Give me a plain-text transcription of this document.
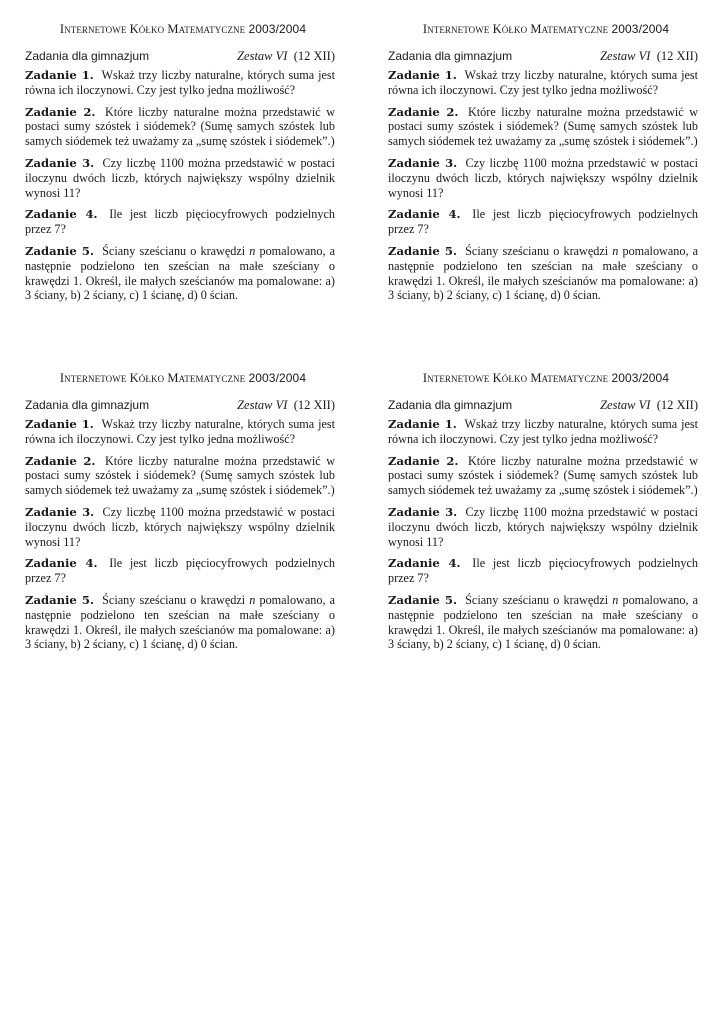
Internetowe Kółko Matematyczne 2003/2004
Zadania dla gimnazjum	Zestaw VI (12 XII)
Zadanie 1. Wskaż trzy liczby naturalne, których suma jest równa ich iloczynowi. Czy jest tylko jedna możliwość?
Zadanie 2. Które liczby naturalne można przedstawić w postaci sumy szóstek i siódemek? (Sumę samych szóstek lub samych siódemek też uważamy za „sumę szóstek i siódemek”.)
Zadanie 3. Czy liczbę 1100 można przedstawić w postaci iloczynu dwóch liczb, których największy wspólny dzielnik wynosi 11?
Zadanie 4. Ile jest liczb pięciocyfrowych podzielnych przez 7?
Zadanie 5. Ściany sześcianu o krawędzi n pomalowano, a następnie podzielono ten sześcian na małe sześciany o krawędzi 1. Określ, ile małych sześcianów ma pomalowane: a) 3 ściany, b) 2 ściany, c) 1 ścianę, d) 0 ścian.
Internetowe Kółko Matematyczne 2003/2004
Zadania dla gimnazjum	Zestaw VI (12 XII)
Zadanie 1. Wskaż trzy liczby naturalne, których suma jest równa ich iloczynowi. Czy jest tylko jedna możliwość?
Zadanie 2. Które liczby naturalne można przedstawić w postaci sumy szóstek i siódemek? (Sumę samych szóstek lub samych siódemek też uważamy za „sumę szóstek i siódemek”.)
Zadanie 3. Czy liczbę 1100 można przedstawić w postaci iloczynu dwóch liczb, których największy wspólny dzielnik wynosi 11?
Zadanie 4. Ile jest liczb pięciocyfrowych podzielnych przez 7?
Zadanie 5. Ściany sześcianu o krawędzi n pomalowano, a następnie podzielono ten sześcian na małe sześciany o krawędzi 1. Określ, ile małych sześcianów ma pomalowane: a) 3 ściany, b) 2 ściany, c) 1 ścianę, d) 0 ścian.
Internetowe Kółko Matematyczne 2003/2004
Zadania dla gimnazjum	Zestaw VI (12 XII)
Zadanie 1. Wskaż trzy liczby naturalne, których suma jest równa ich iloczynowi. Czy jest tylko jedna możliwość?
Zadanie 2. Które liczby naturalne można przedstawić w postaci sumy szóstek i siódemek? (Sumę samych szóstek lub samych siódemek też uważamy za „sumę szóstek i siódemek”.)
Zadanie 3. Czy liczbę 1100 można przedstawić w postaci iloczynu dwóch liczb, których największy wspólny dzielnik wynosi 11?
Zadanie 4. Ile jest liczb pięciocyfrowych podzielnych przez 7?
Zadanie 5. Ściany sześcianu o krawędzi n pomalowano, a następnie podzielono ten sześcian na małe sześciany o krawędzi 1. Określ, ile małych sześcianów ma pomalowane: a) 3 ściany, b) 2 ściany, c) 1 ścianę, d) 0 ścian.
Internetowe Kółko Matematyczne 2003/2004
Zadania dla gimnazjum	Zestaw VI (12 XII)
Zadanie 1. Wskaż trzy liczby naturalne, których suma jest równa ich iloczynowi. Czy jest tylko jedna możliwość?
Zadanie 2. Które liczby naturalne można przedstawić w postaci sumy szóstek i siódemek? (Sumę samych szóstek lub samych siódemek też uważamy za „sumę szóstek i siódemek”.)
Zadanie 3. Czy liczbę 1100 można przedstawić w postaci iloczynu dwóch liczb, których największy wspólny dzielnik wynosi 11?
Zadanie 4. Ile jest liczb pięciocyfrowych podzielnych przez 7?
Zadanie 5. Ściany sześcianu o krawędzi n pomalowano, a następnie podzielono ten sześcian na małe sześciany o krawędzi 1. Określ, ile małych sześcianów ma pomalowane: a) 3 ściany, b) 2 ściany, c) 1 ścianę, d) 0 ścian.
